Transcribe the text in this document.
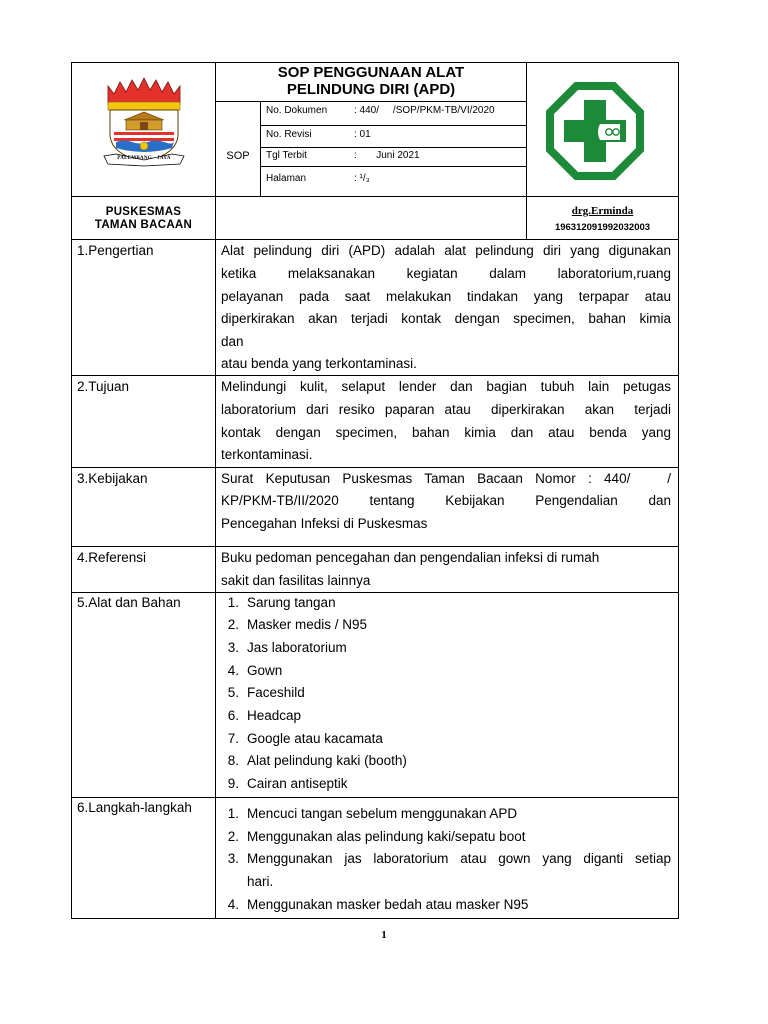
PALEMBANG - JAYA
SOP PENGGUNAAN ALAT
PELINDUNG DIRI (APD)
SOP
No. Dokumen	: 440/     /SOP/PKM-TB/VI/2020
No. Revisi	: 01
Tgl Terbit	:       Juni 2021
Halaman	: ¹/₃
PUSKESMAS
TAMAN BACAAN
drg.Erminda
196312091992032003
1.Pengertian	Alat pelindung diri (APD) adalah alat pelindung diri yang digunakan
ketika melaksanakan kegiatan dalam laboratorium,ruang
pelayanan pada saat melakukan tindakan yang terpapar atau
diperkirakan akan terjadi kontak dengan specimen, bahan kimia
dan
atau benda yang terkontaminasi.
2.Tujuan	Melindungi kulit, selaput lender dan bagian tubuh lain petugas
laboratorium dari resiko paparan atau  diperkirakan  akan  terjadi
kontak dengan specimen, bahan kimia dan atau benda yang
terkontaminasi.
3.Kebijakan	Surat Keputusan Puskesmas Taman Bacaan Nomor : 440/   /
KP/PKM-TB/II/2020 tentang Kebijakan Pengendalian dan
Pencegahan Infeksi di Puskesmas
4.Referensi	Buku pedoman pencegahan dan pengendalian infeksi di rumah
sakit dan fasilitas lainnya
5.Alat dan Bahan	1. Sarung tangan
2. Masker medis / N95
3. Jas laboratorium
4. Gown
5. Faceshild
6. Headcap
7. Google atau kacamata
8. Alat pelindung kaki (booth)
9. Cairan antiseptik
6.Langkah-langkah	1. Mencuci tangan sebelum menggunakan APD
2. Menggunakan alas pelindung kaki/sepatu boot
3. Menggunakan jas laboratorium atau gown yang diganti setiap
hari.
4. Menggunakan masker bedah atau masker N95
1
